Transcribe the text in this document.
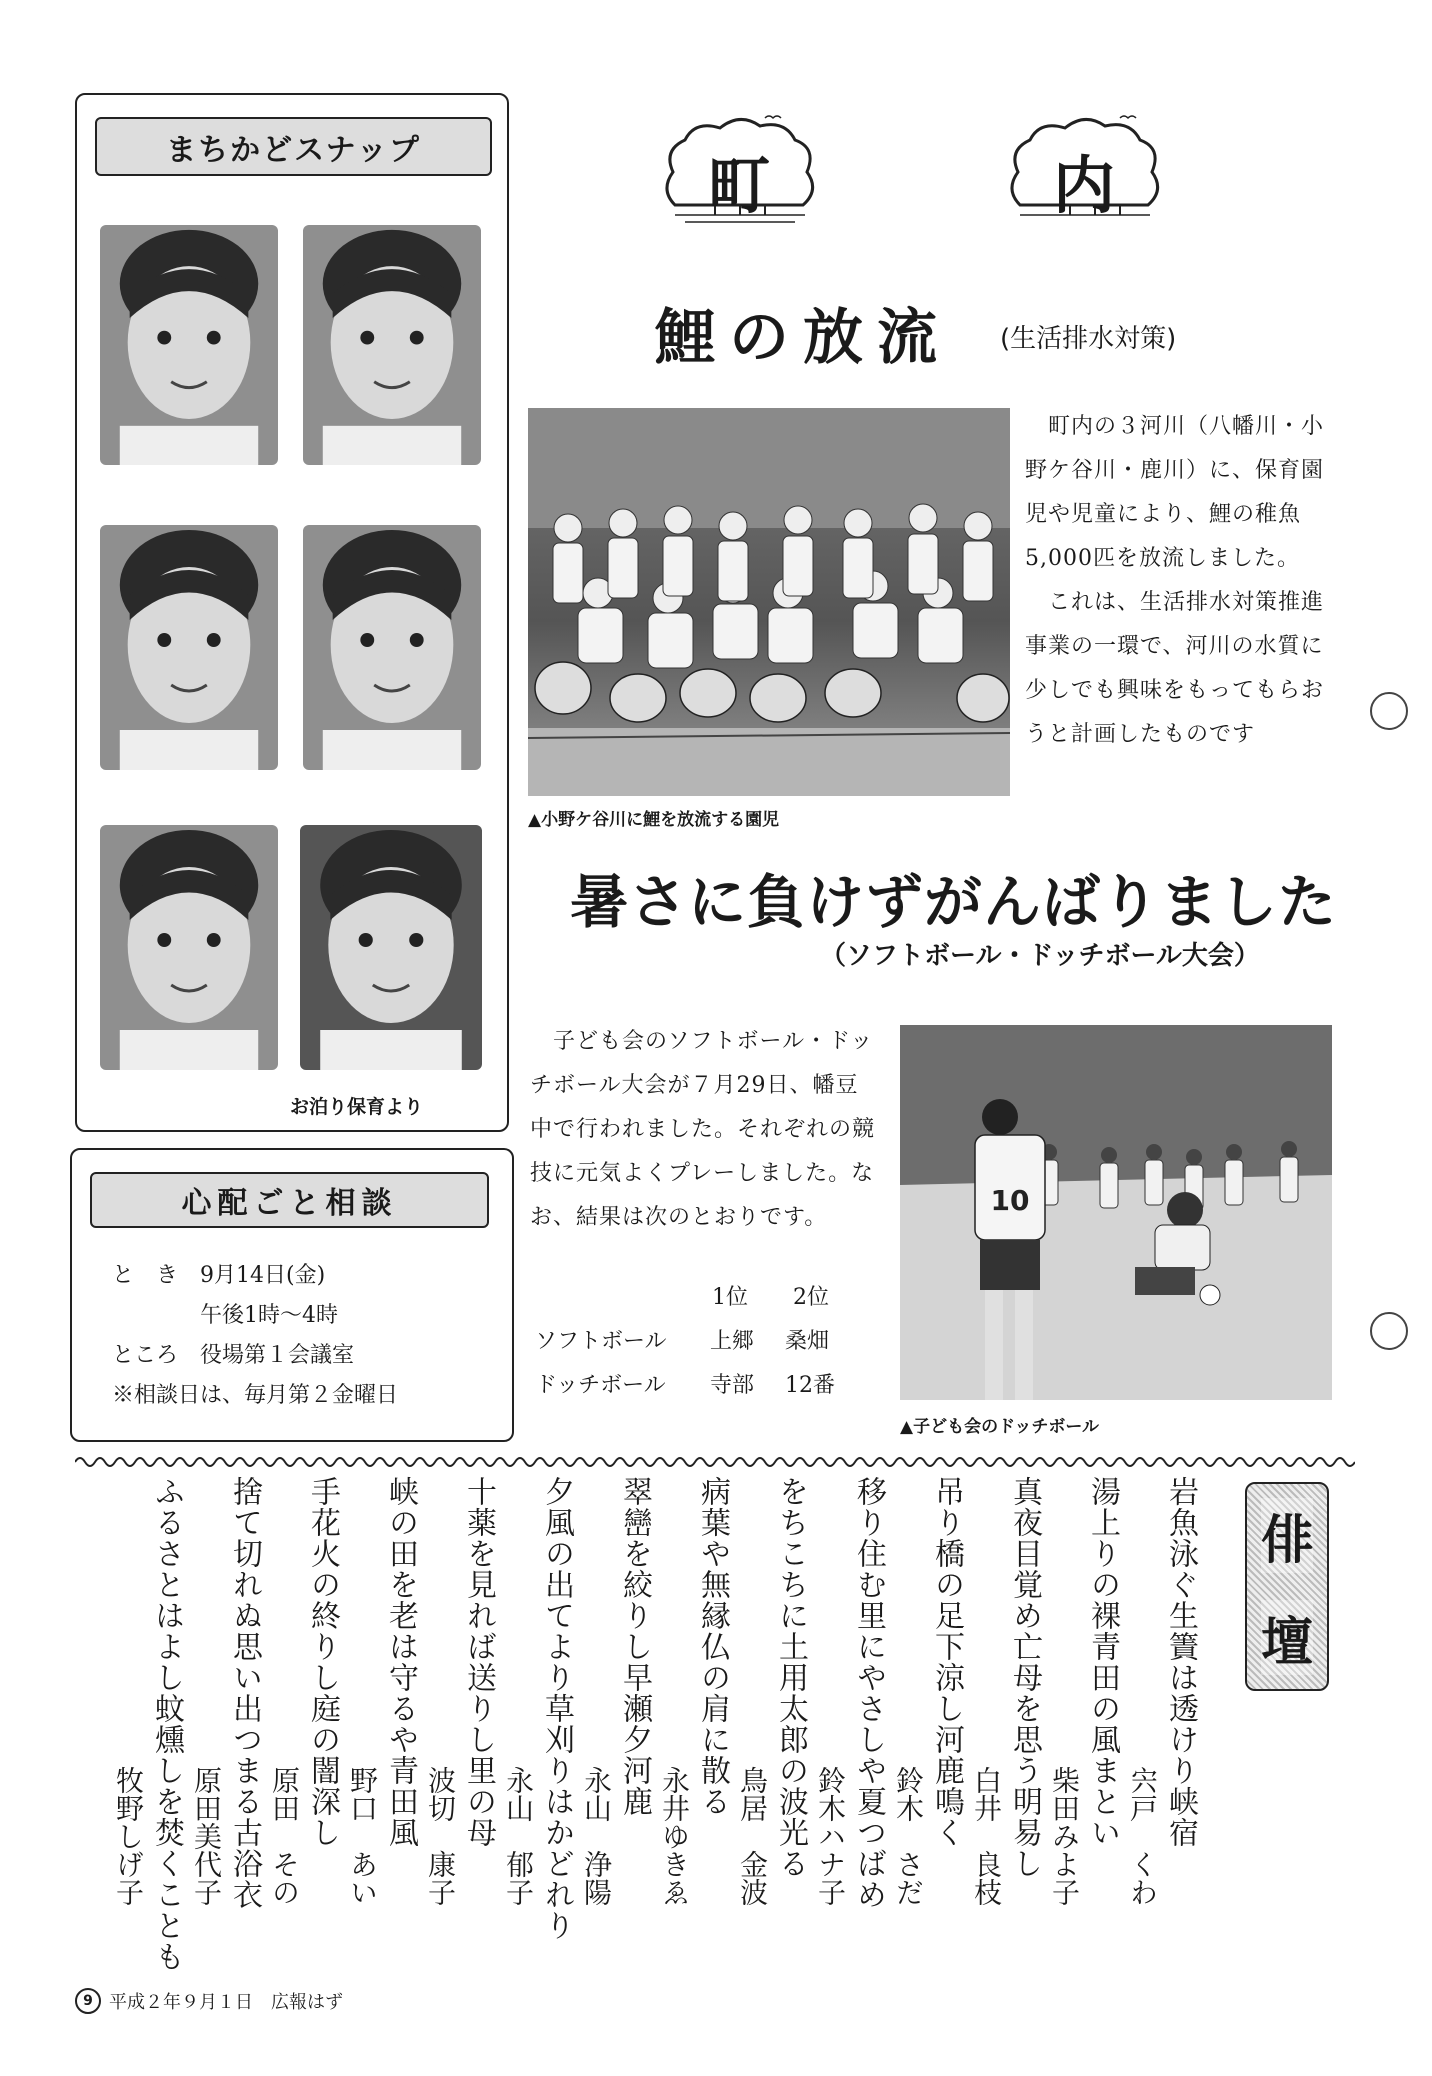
まちかどスナップ
お泊り保育より
心配ごと相談
と　き　9月14日(金)
　　　　午後1時～4時
ところ　役場第１会議室
※相談日は、毎月第２金曜日
町	内
鯉の放流 (生活排水対策)
▲小野ケ谷川に鯉を放流する園児
　町内の３河川（八幡川・小野ケ谷川・鹿川）に、保育園児や児童により、鯉の稚魚 5,000匹を放流しました。
　これは、生活排水対策推進事業の一環で、河川の水質に少しでも興味をもってもらおうと計画したものです
暑さに負けずがんばりました
（ソフトボール・ドッチボール大会）
　子ども会のソフトボール・ドッチボール大会が７月29日、幡豆中で行われました。それぞれの競技に元気よくプレーしました。なお、結果は次のとおりです。
1位 2位
ソフトボール 上郷 桑畑
ドッチボール 寺部 12番
10
▲子ども会のドッチボール
俳
壇
岩魚泳ぐ生簀は透けり峡宿
宍戸　くわ
湯上りの裸青田の風まとい
柴田みよ子
真夜目覚め亡母を思う明易し
白井　良枝
吊り橋の足下涼し河鹿鳴く
鈴木　さだ
移り住む里にやさしや夏つばめ
鈴木ハナ子
をちこちに土用太郎の波光る
鳥居　金波
病葉や無縁仏の肩に散る
永井ゆきゑ
翠巒を絞りし早瀬夕河鹿
永山　浄陽
夕風の出てより草刈りはかどれり
永山　郁子
十薬を見れば送りし里の母
波切　康子
峡の田を老は守るや青田風
野口　あい
手花火の終りし庭の闇深し
原田　その
捨て切れぬ思い出つまる古浴衣
原田美代子
ふるさとはよし蚊燻しを焚くことも
牧野しげ子
9 平成２年９月１日　広報はず
